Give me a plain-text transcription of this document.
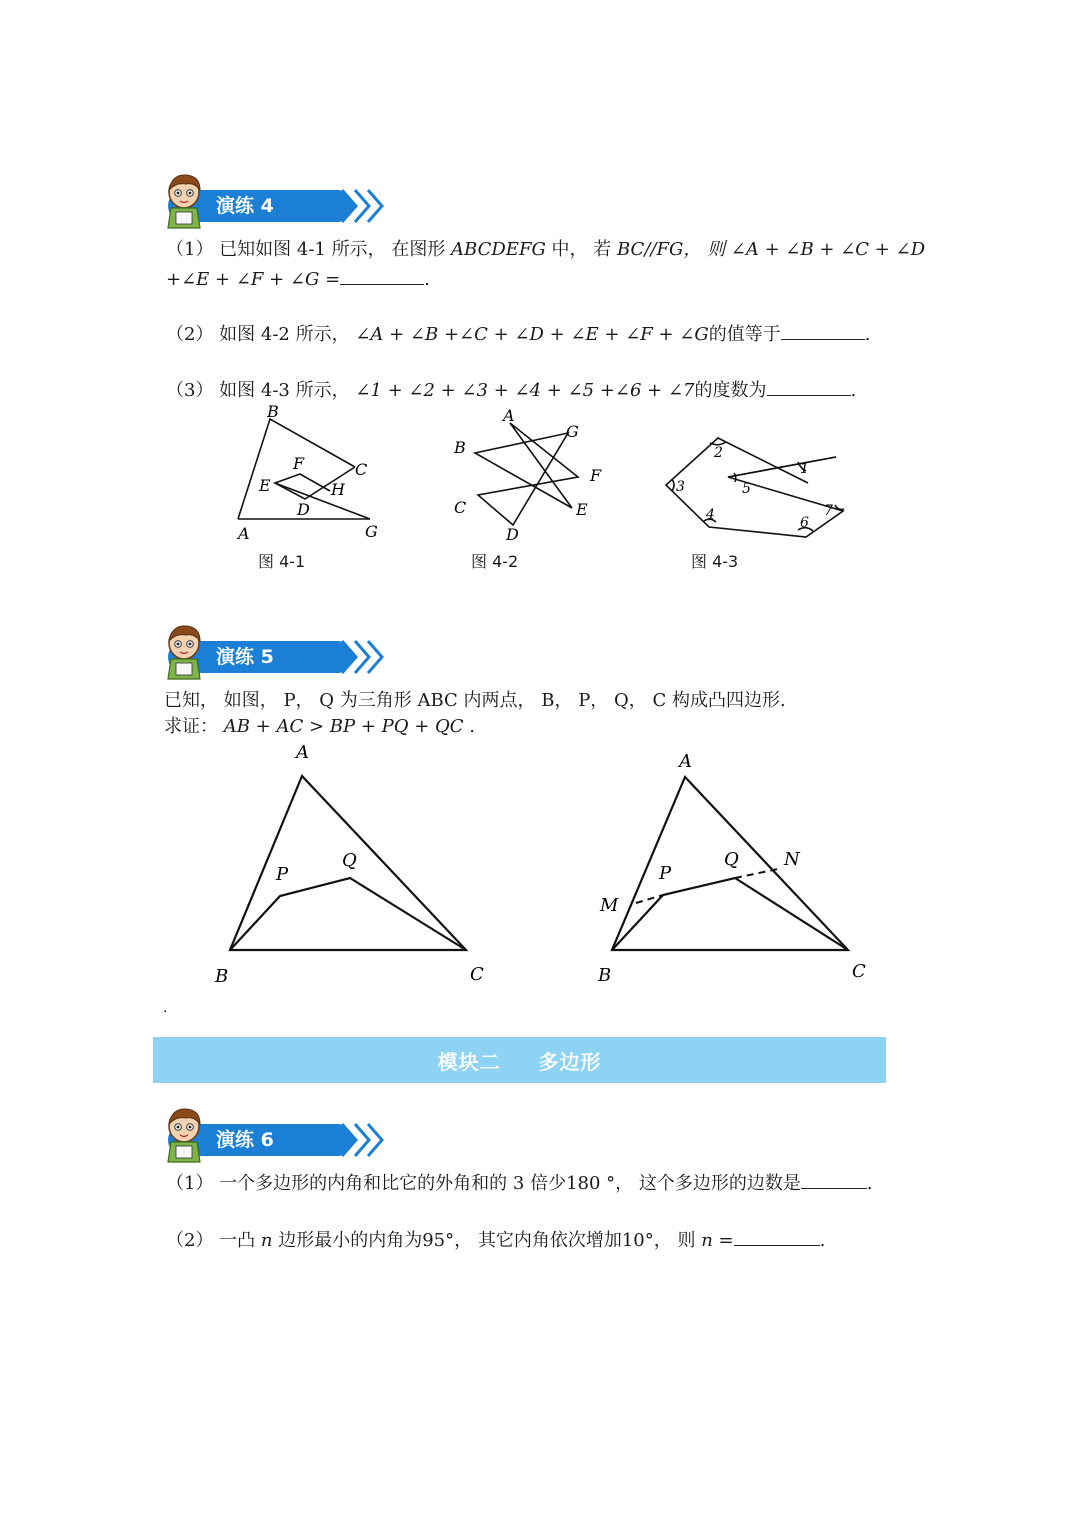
演练 4
（1） 已知如图 4-1 所示， 在图形 ABCDEFG 中， 若 BC//FG， 则 ∠A + ∠B + ∠C + ∠D
+∠E + ∠F + ∠G =	.
（2） 如图 4-2 所示， ∠A + ∠B +∠C + ∠D + ∠E + ∠F + ∠G的值等于	.
（3） 如图 4-3 所示， ∠1 + ∠2 + ∠3 + ∠4 + ∠5 +∠6 + ∠7的度数为	.
A
B
C
D
E
F
G
H
图 4-1
A
B
C
D
E
F
G
图 4-2
1
2
3
4
5
6
7
图 4-3
演练 5
已知， 如图， P， Q 为三角形 ABC 内两点， B， P， Q， C 构成凸四边形.
求证： AB + AC > BP + PQ + QC .
A
B	C
P
Q
A
B	C
P
Q
M
N
.
模块二 多边形
演练 6
（1） 一个多边形的内角和比它的外角和的 3 倍少180 °， 这个多边形的边数是	.
（2） 一凸 n 边形最小的内角为95°， 其它内角依次增加10°， 则 n =	.
